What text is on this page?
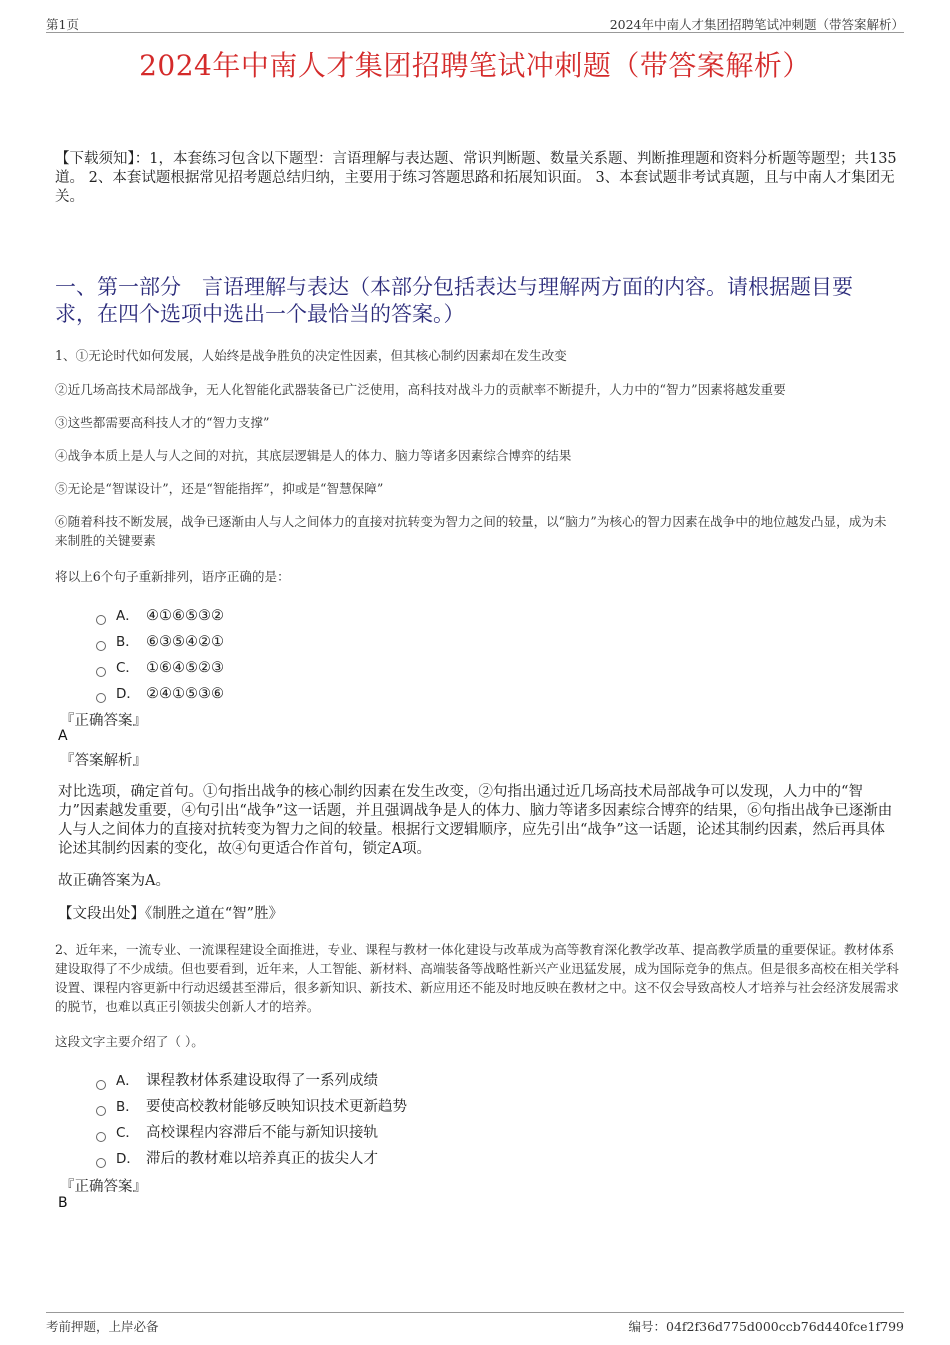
第1页	2024年中南人才集团招聘笔试冲刺题（带答案解析）
2024年中南人才集团招聘笔试冲刺题（带答案解析）
【下载须知】：1，本套练习包含以下题型：言语理解与表达题、常识判断题、数量关系题、判断推理题和资料分析题等题型；共135道。 2、本套试题根据常见招考题总结归纳，主要用于练习答题思路和拓展知识面。 3、本套试题非考试真题，且与中南人才集团无关。
一、第一部分　言语理解与表达（本部分包括表达与理解两方面的内容。请根据题目要求，在四个选项中选出一个最恰当的答案。）
1、①无论时代如何发展，人始终是战争胜负的决定性因素，但其核心制约因素却在发生改变
②近几场高技术局部战争，无人化智能化武器装备已广泛使用，高科技对战斗力的贡献率不断提升，人力中的“智力”因素将越发重要
③这些都需要高科技人才的“智力支撑”
④战争本质上是人与人之间的对抗，其底层逻辑是人的体力、脑力等诸多因素综合博弈的结果
⑤无论是“智谋设计”，还是“智能指挥”，抑或是“智慧保障”
⑥随着科技不断发展，战争已逐渐由人与人之间体力的直接对抗转变为智力之间的较量，以“脑力”为核心的智力因素在战争中的地位越发凸显，成为未来制胜的关键要素
将以上6个句子重新排列，语序正确的是：
A． ④①⑥⑤③②
B． ⑥③⑤④②①
C． ①⑥④⑤②③
D． ②④①⑤③⑥
『正确答案』
A
『答案解析』
对比选项，确定首句。①句指出战争的核心制约因素在发生改变，②句指出通过近几场高技术局部战争可以发现，人力中的“智力”因素越发重要，④句引出“战争”这一话题，并且强调战争是人的体力、脑力等诸多因素综合博弈的结果，⑥句指出战争已逐渐由人与人之间体力的直接对抗转变为智力之间的较量。根据行文逻辑顺序，应先引出“战争”这一话题，论述其制约因素，然后再具体论述其制约因素的变化，故④句更适合作首句，锁定A项。
故正确答案为A。
【文段出处】《制胜之道在“智”胜》
2、近年来，一流专业、一流课程建设全面推进，专业、课程与教材一体化建设与改革成为高等教育深化教学改革、提高教学质量的重要保证。教材体系建设取得了不少成绩。但也要看到，近年来，人工智能、新材料、高端装备等战略性新兴产业迅猛发展，成为国际竞争的焦点。但是很多高校在相关学科设置、课程内容更新中行动迟缓甚至滞后，很多新知识、新技术、新应用还不能及时地反映在教材之中。这不仅会导致高校人才培养与社会经济发展需求的脱节，也难以真正引领拔尖创新人才的培养。
这段文字主要介绍了（ ）。
A． 课程教材体系建设取得了一系列成绩
B． 要使高校教材能够反映知识技术更新趋势
C． 高校课程内容滞后不能与新知识接轨
D． 滞后的教材难以培养真正的拔尖人才
『正确答案』
B
考前押题，上岸必备	编号：04f2f36d775d000ccb76d440fce1f799
